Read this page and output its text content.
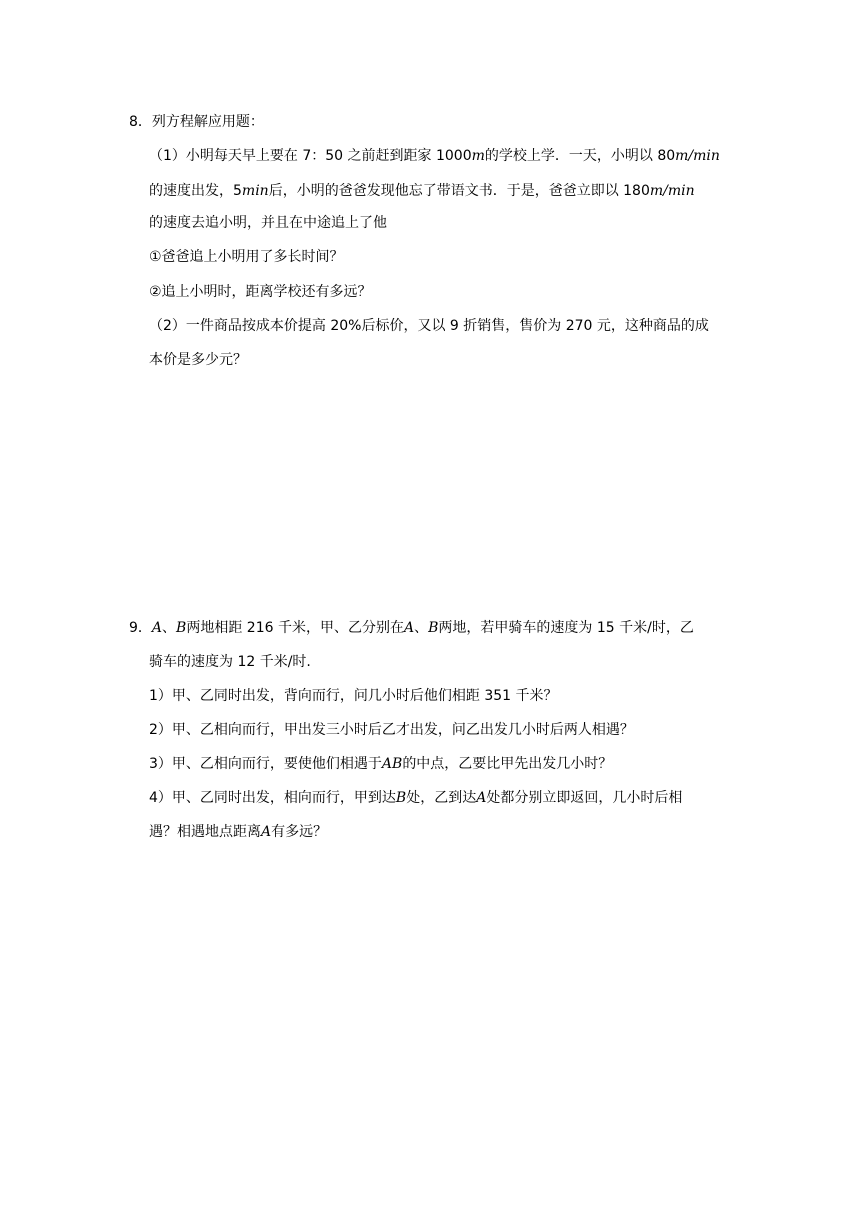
8．列方程解应用题：
（1）小明每天早上要在 7：50 之前赶到距家 1000m的学校上学．一天，小明以 80m/min
的速度出发，5min后，小明的爸爸发现他忘了带语文书．于是，爸爸立即以 180m/min
的速度去追小明，并且在中途追上了他
①爸爸追上小明用了多长时间？
②追上小明时，距离学校还有多远？
（2）一件商品按成本价提高 20%后标价，又以 9 折销售，售价为 270 元，这种商品的成
本价是多少元？
9．A、B两地相距 216 千米，甲、乙分别在A、B两地，若甲骑车的速度为 15 千米/时，乙
骑车的速度为 12 千米/时.
1）甲、乙同时出发，背向而行，问几小时后他们相距 351 千米？
2）甲、乙相向而行，甲出发三小时后乙才出发，问乙出发几小时后两人相遇？
3）甲、乙相向而行，要使他们相遇于AB的中点，乙要比甲先出发几小时？
4）甲、乙同时出发，相向而行，甲到达B处，乙到达A处都分别立即返回，几小时后相
遇？相遇地点距离A有多远？
